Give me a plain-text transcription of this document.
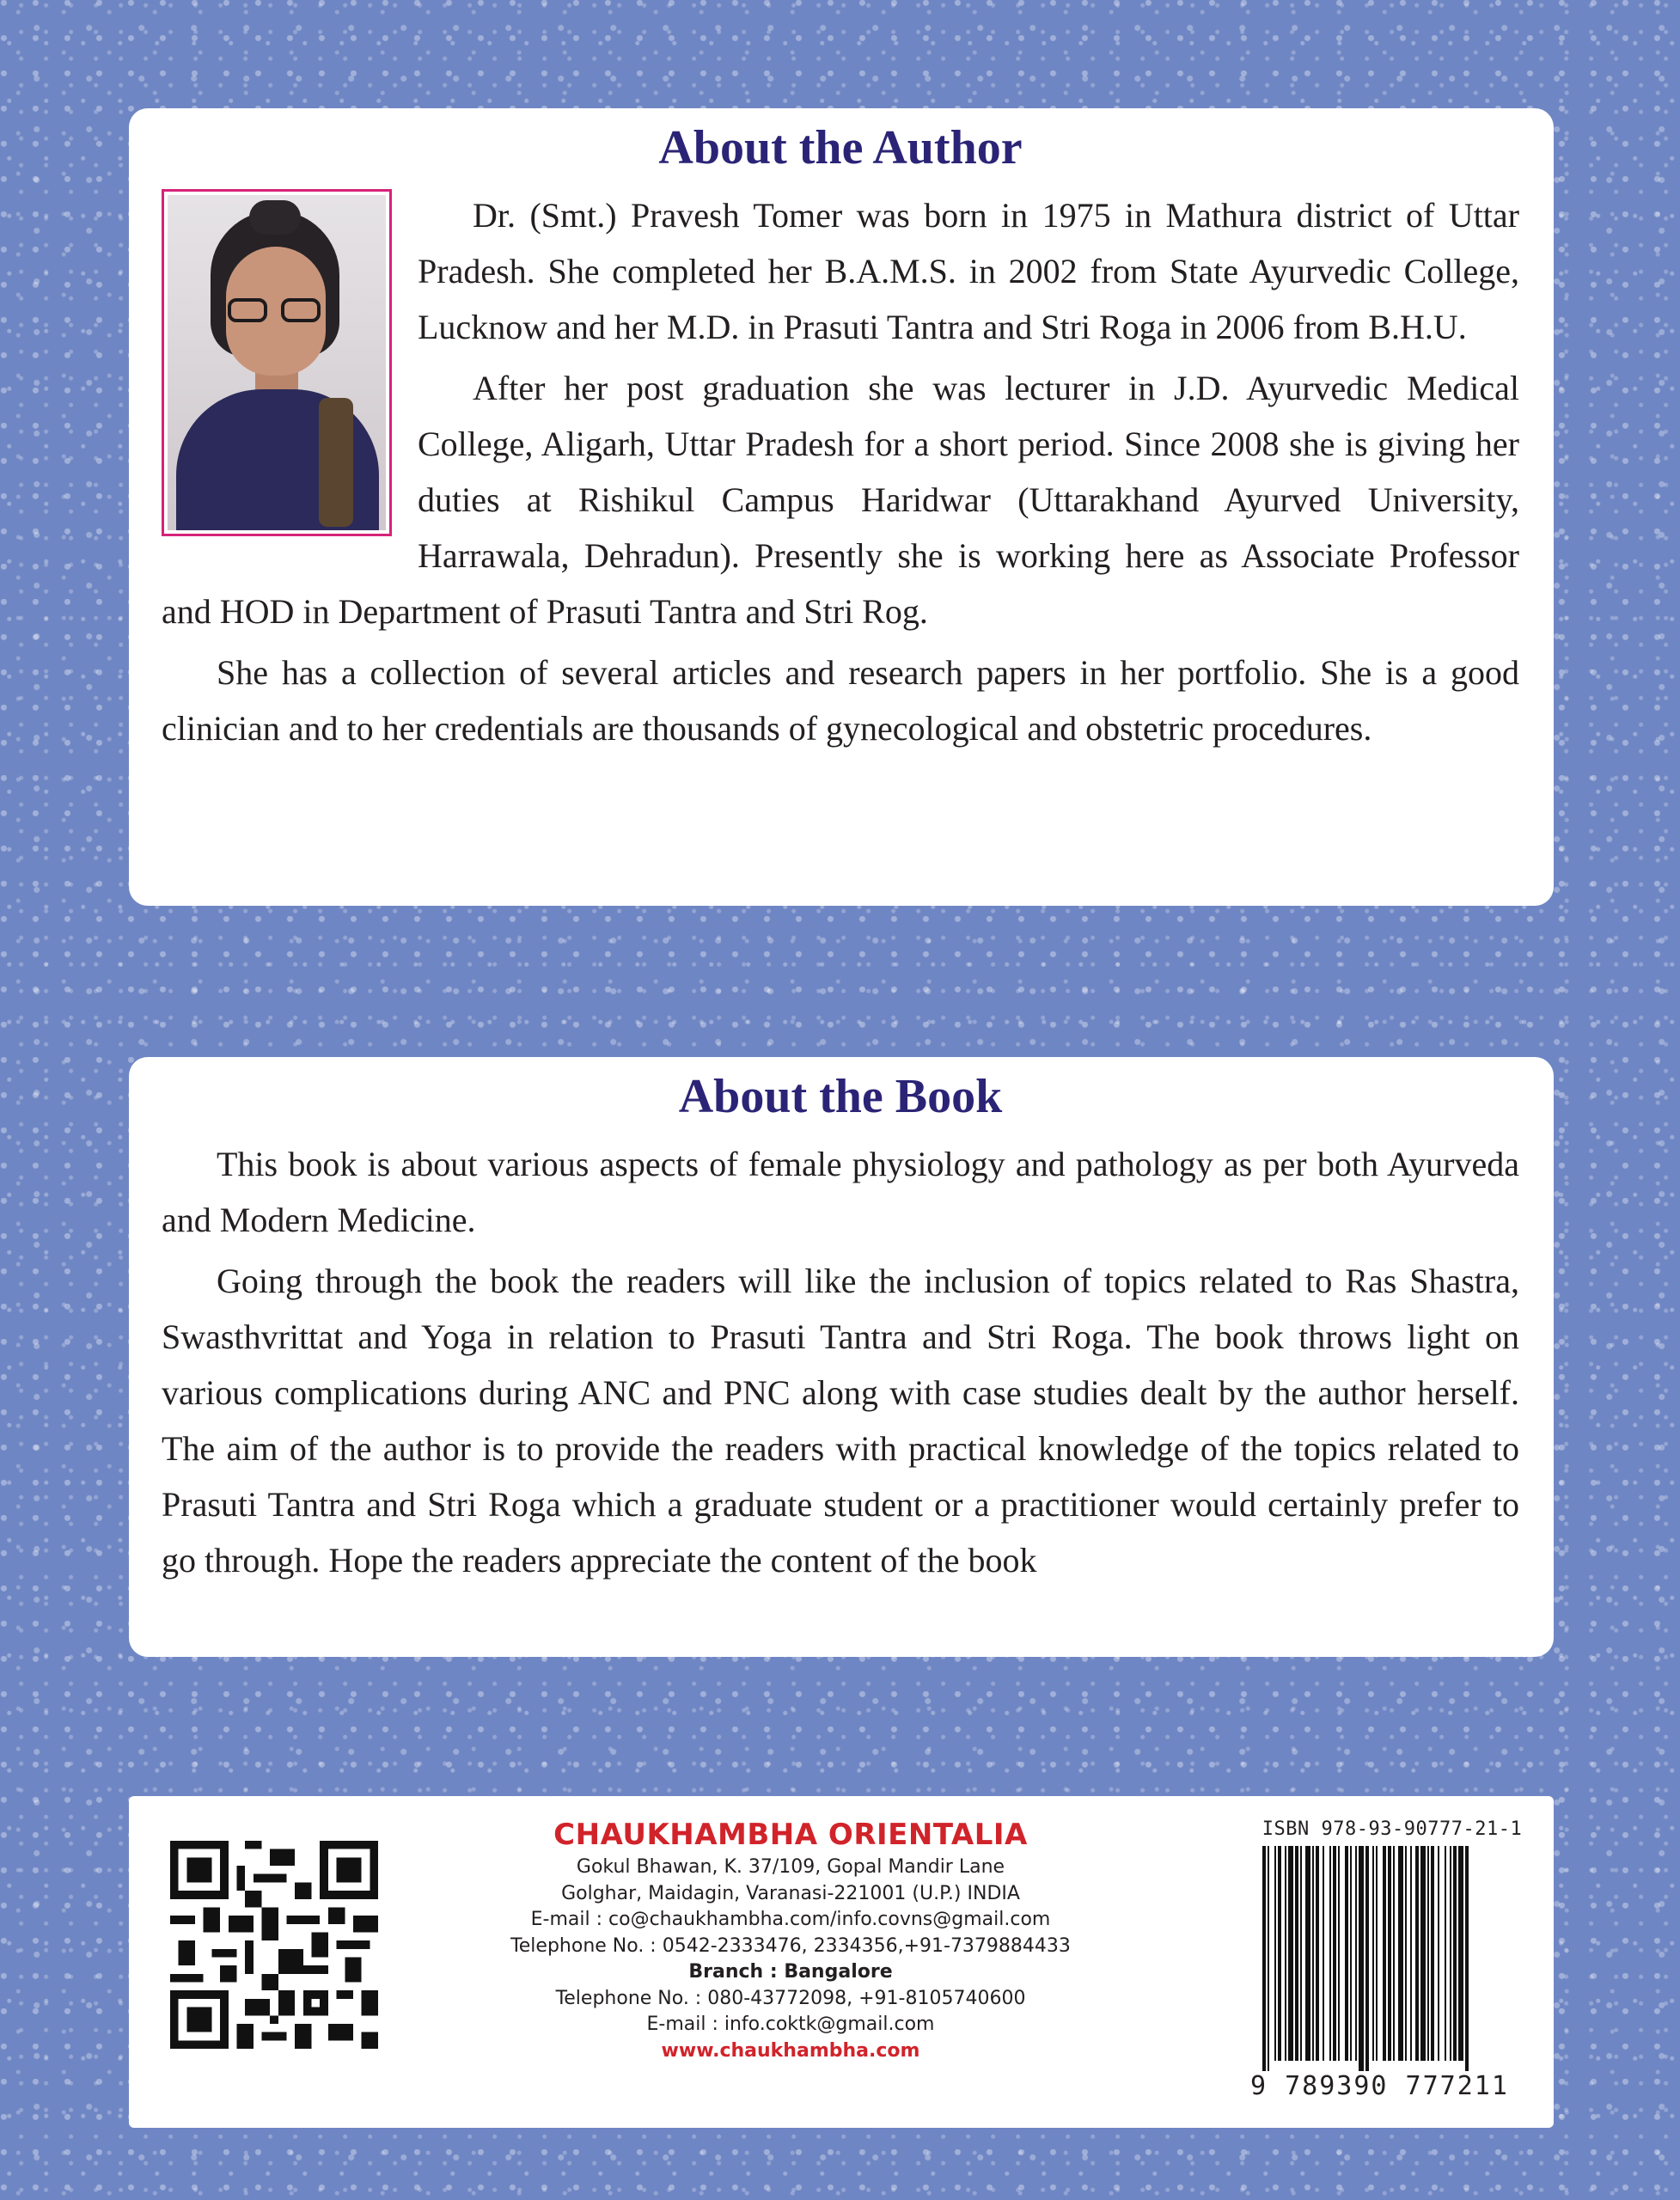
About the Author

Dr. (Smt.) Pravesh Tomer was born in 1975 in Mathura district of Uttar Pradesh. She completed her B.A.M.S. in 2002 from State Ayurvedic College, Lucknow and her M.D. in Prasuti Tantra and Stri Roga in 2006 from B.H.U.

After her post graduation she was lecturer in J.D. Ayurvedic Medical College, Aligarh, Uttar Pradesh for a short period. Since 2008 she is giving her duties at Rishikul Campus Haridwar (Uttarakhand Ayurved University, Harrawala, Dehradun). Presently she is working here as Associate Professor and HOD in Department of Prasuti Tantra and Stri Rog.

She has a collection of several articles and research papers in her portfolio. She is a good clinician and to her credentials are thousands of gynecological and obstetric procedures.

About the Book

This book is about various aspects of female physiology and pathology as per both Ayurveda and Modern Medicine.

Going through the book the readers will like the inclusion of topics related to Ras Shastra, Swasthvrittat and Yoga in relation to Prasuti Tantra and Stri Roga. The book throws light on various complications during ANC and PNC along with case studies dealt by the author herself. The aim of the author is to provide the readers with practical knowledge of the topics related to Prasuti Tantra and Stri Roga which a graduate student or a practitioner would certainly prefer to go through. Hope the readers appreciate the content of the book

CHAUKHAMBHA ORIENTALIA
Gokul Bhawan, K. 37/109, Gopal Mandir Lane
Golghar, Maidagin, Varanasi-221001 (U.P.) INDIA
E-mail : co@chaukhambha.com/info.covns@gmail.com
Telephone No. : 0542-2333476, 2334356,+91-7379884433
Branch : Bangalore
Telephone No. : 080-43772098, +91-8105740600
E-mail : info.coktk@gmail.com
www.chaukhambha.com
ISBN 978-93-90777-21-1
9 789390 777211
